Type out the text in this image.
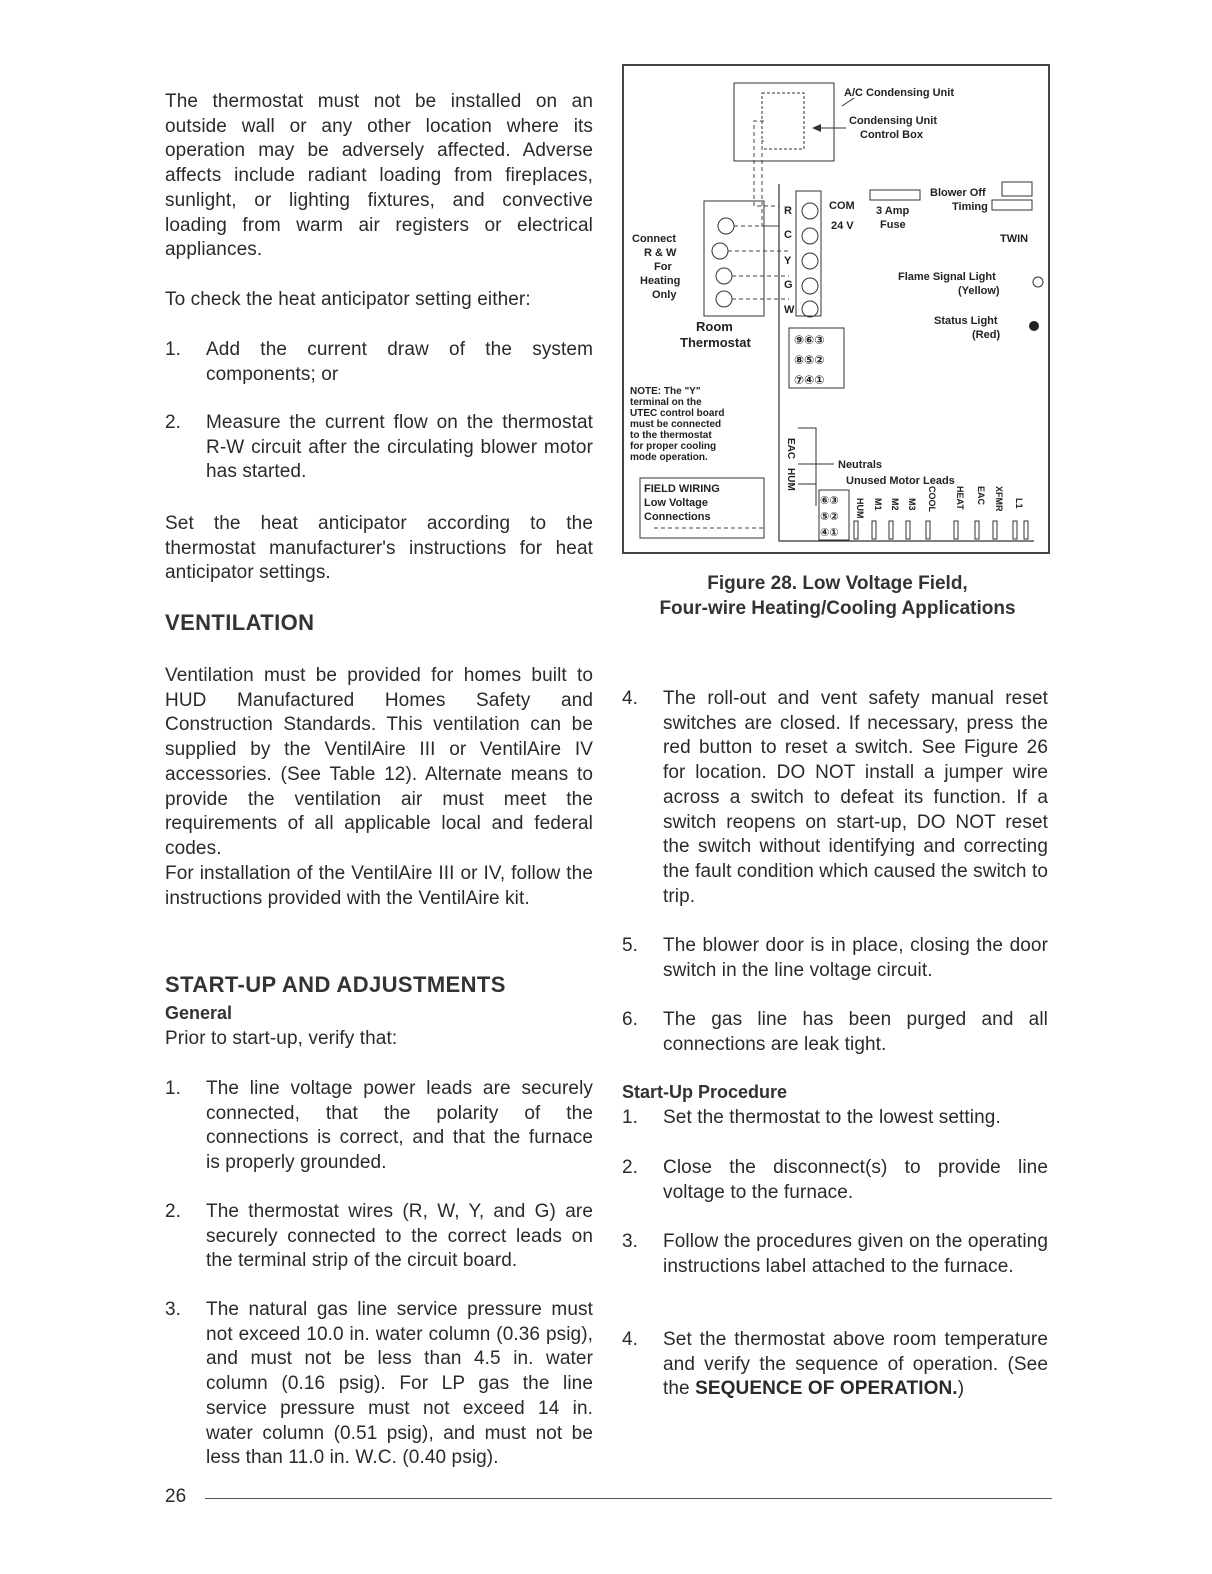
The thermostat must not be installed on an outside wall or any other location where its operation may be adversely affected. Adverse affects include radiant loading from fireplaces, sunlight, or lighting fixtures, and convective loading from warm air registers or electrical appliances.

To check the heat anticipator setting either:

1. Add the current draw of the system components; or
2. Measure the current flow on the thermostat R-W circuit after the circulating blower motor has started.

Set the heat anticipator according to the thermostat manufacturer's instructions for heat anticipator settings.

VENTILATION

Ventilation must be provided for homes built to HUD Manufactured Homes Safety and Construction Standards. This ventilation can be supplied by the VentilAire III or VentilAire IV accessories. (See Table 12). Alternate means to provide the ventilation air must meet the requirements of all applicable local and federal codes.

For installation of the VentilAire III or IV, follow the instructions provided with the VentilAire kit.

START-UP AND ADJUSTMENTS
General

Prior to start-up, verify that:

1. The line voltage power leads are securely connected, that the polarity of the connections is correct, and that the furnace is properly grounded.
2. The thermostat wires (R, W, Y, and G) are securely connected to the correct leads on the terminal strip of the circuit board.
3. The natural gas line service pressure must not exceed 10.0 in. water column (0.36 psig), and must not be less than 4.5 in. water column (0.16 psig). For LP gas the line service pressure must not exceed 14 in. water column (0.51 psig), and must not be less than 11.0 in. W.C. (0.40 psig).
A/C Condensing Unit
Condensing Unit
Control Box
Connect
R & W
For
Heating
Only
Room
Thermostat
R
C
Y
G
W
COM
24 V
3 Amp
Fuse
Blower Off
Timing
TWIN
Flame Signal Light
(Yellow)
Status Light
(Red)
⑨⑥③
⑧⑤②
⑦④①
NOTE: The "Y"
terminal on the
UTEC control board
must be connected
to the thermostat
for proper cooling
mode operation.
FIELD WIRING
Low Voltage
Connections
EAC
HUM
Neutrals
Unused Motor Leads
⑥③
⑤②
④①
HUM M1 M2 M3 COOL HEAT EAC XFMR L1
Figure 28. Low Voltage Field,
Four-wire Heating/Cooling Applications
4. The roll-out and vent safety manual reset switches are closed. If necessary, press the red button to reset a switch. See Figure 26 for location. DO NOT install a jumper wire across a switch to defeat its function. If a switch reopens on start-up, DO NOT reset the switch without identifying and correcting the fault condition which caused the switch to trip.
5. The blower door is in place, closing the door switch in the line voltage circuit.
6. The gas line has been purged and all connections are leak tight.
Start-Up Procedure
1. Set the thermostat to the lowest setting.
2. Close the disconnect(s) to provide line voltage to the furnace.
3. Follow the procedures given on the operating instructions label attached to the furnace.
4. Set the thermostat above room temperature and verify the sequence of operation. (See the SEQUENCE OF OPERATION.)
26
